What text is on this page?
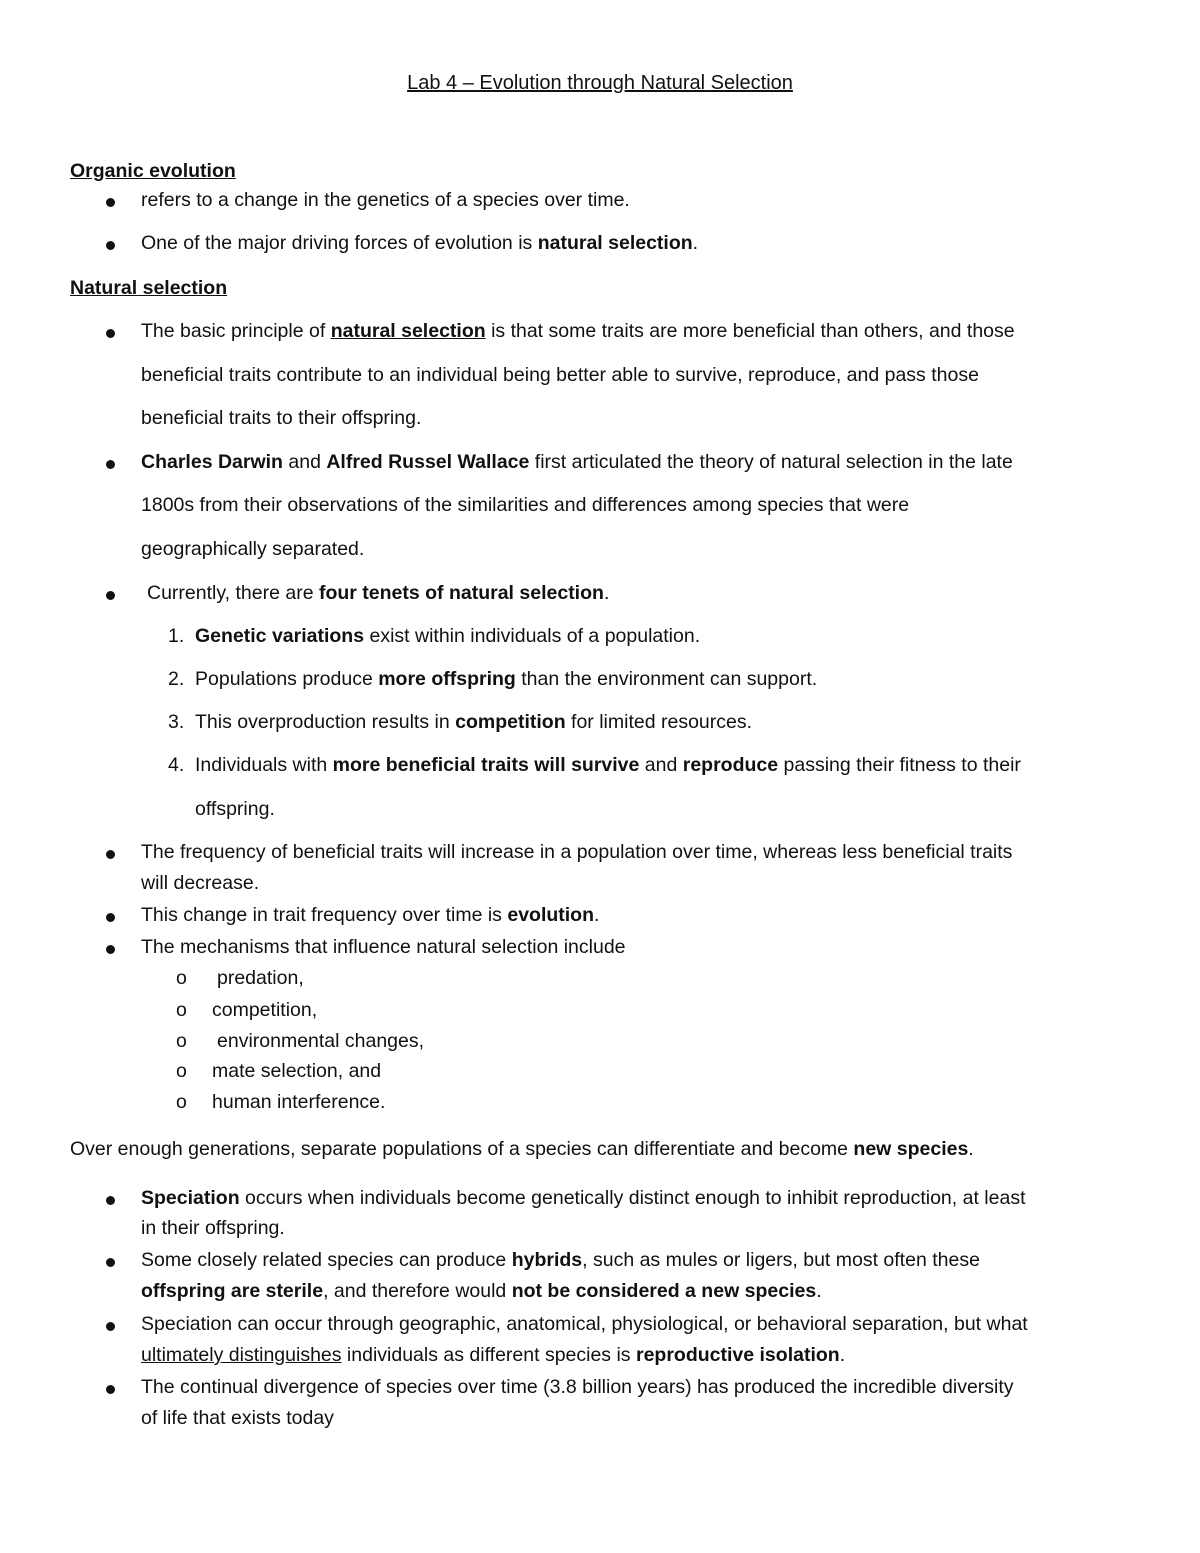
Lab 4 – Evolution through Natural Selection
Organic evolution
refers to a change in the genetics of a species over time.
One of the major driving forces of evolution is natural selection.
Natural selection
The basic principle of natural selection is that some traits are more beneficial than others, and those
beneficial traits contribute to an individual being better able to survive, reproduce, and pass those
beneficial traits to their offspring.
Charles Darwin and Alfred Russel Wallace first articulated the theory of natural selection in the late
1800s from their observations of the similarities and differences among species that were
geographically separated.
Currently, there are four tenets of natural selection.
1. Genetic variations exist within individuals of a population.
2. Populations produce more offspring than the environment can support.
3. This overproduction results in competition for limited resources.
4. Individuals with more beneficial traits will survive and reproduce passing their fitness to their
offspring.
The frequency of beneficial traits will increase in a population over time, whereas less beneficial traits
will decrease.
This change in trait frequency over time is evolution.
The mechanisms that influence natural selection include
o predation,
o competition,
o environmental changes,
o mate selection, and
o human interference.
Over enough generations, separate populations of a species can differentiate and become new species.
Speciation occurs when individuals become genetically distinct enough to inhibit reproduction, at least
in their offspring.
Some closely related species can produce hybrids, such as mules or ligers, but most often these
offspring are sterile, and therefore would not be considered a new species.
Speciation can occur through geographic, anatomical, physiological, or behavioral separation, but what
ultimately distinguishes individuals as different species is reproductive isolation.
The continual divergence of species over time (3.8 billion years) has produced the incredible diversity
of life that exists today
